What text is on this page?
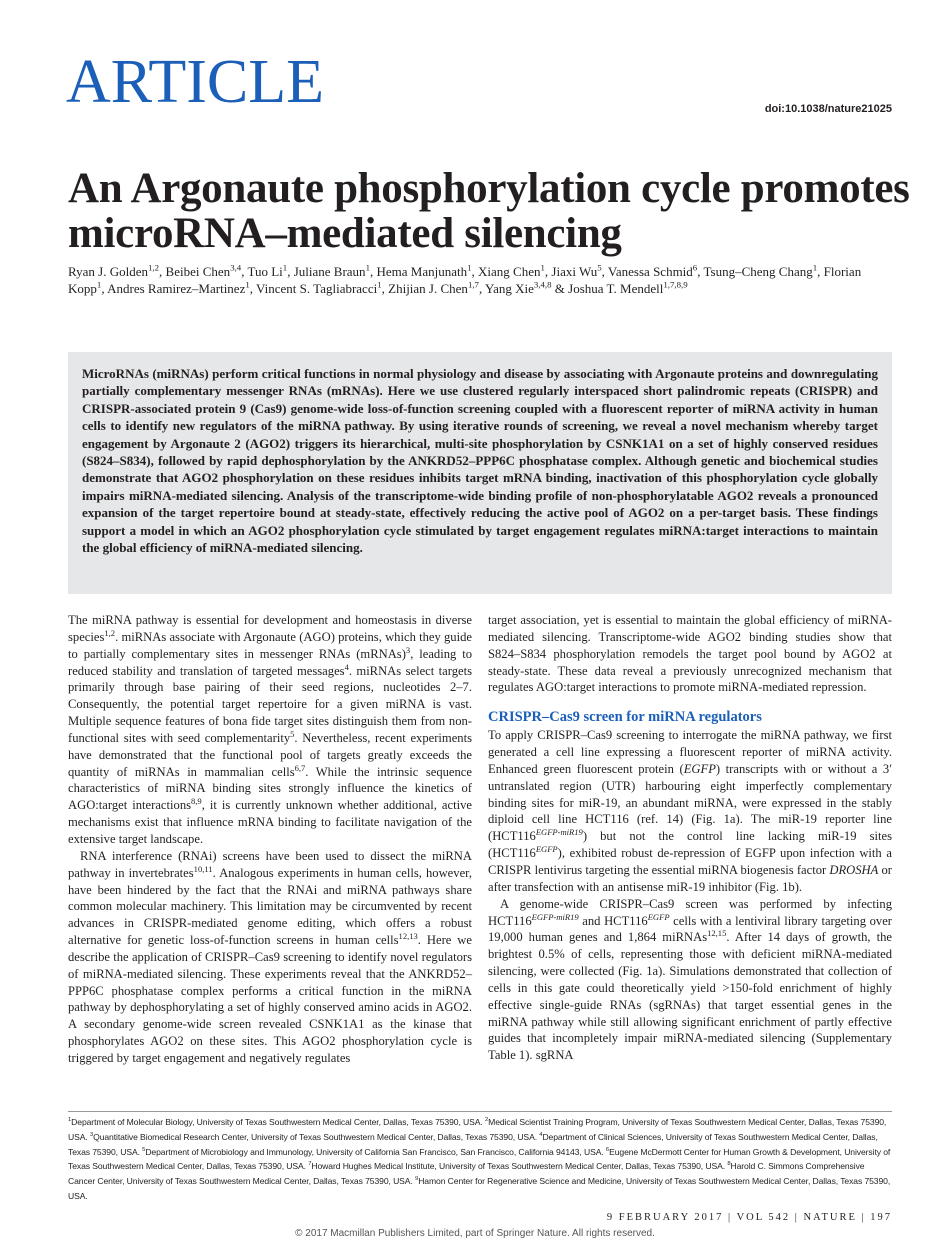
ARTICLE	doi:10.1038/nature21025
An Argonaute phosphorylation cycle promotes microRNA–mediated silencing
Ryan J. Golden$^{1,2}$, Beibei Chen$^{3,4}$, Tuo Li$^1$, Juliane Braun$^1$, Hema Manjunath$^1$, Xiang Chen$^1$, Jiaxi Wu$^5$, Vanessa Schmid$^6$, Tsung–Cheng Chang$^1$, Florian Kopp$^1$, Andres Ramirez–Martinez$^1$, Vincent S. Tagliabracci$^1$, Zhijian J. Chen$^{1,7}$, Yang Xie$^{3,4,8}$ & Joshua T. Mendell$^{1,7,8,9}$
MicroRNAs (miRNAs) perform critical functions in normal physiology and disease by associating with Argonaute proteins and downregulating partially complementary messenger RNAs (mRNAs). Here we use clustered regularly interspaced short palindromic repeats (CRISPR) and CRISPR-associated protein 9 (Cas9) genome-wide loss-of-function screening coupled with a fluorescent reporter of miRNA activity in human cells to identify new regulators of the miRNA pathway. By using iterative rounds of screening, we reveal a novel mechanism whereby target engagement by Argonaute 2 (AGO2) triggers its hierarchical, multi-site phosphorylation by CSNK1A1 on a set of highly conserved residues (S824–S834), followed by rapid dephosphorylation by the ANKRD52–PPP6C phosphatase complex. Although genetic and biochemical studies demonstrate that AGO2 phosphorylation on these residues inhibits target mRNA binding, inactivation of this phosphorylation cycle globally impairs miRNA-mediated silencing. Analysis of the transcriptome-wide binding profile of non-phosphorylatable AGO2 reveals a pronounced expansion of the target repertoire bound at steady-state, effectively reducing the active pool of AGO2 on a per-target basis. These findings support a model in which an AGO2 phosphorylation cycle stimulated by target engagement regulates miRNA:target interactions to maintain the global efficiency of miRNA-mediated silencing.

The miRNA pathway is essential for development and homeostasis in diverse species$^{1,2}$. miRNAs associate with Argonaute (AGO) proteins, which they guide to partially complementary sites in messenger RNAs (mRNAs)$^3$, leading to reduced stability and translation of targeted messages$^4$. miRNAs select targets primarily through base pairing of their seed regions, nucleotides 2–7. Consequently, the potential target repertoire for a given miRNA is vast. Multiple sequence features of bona fide target sites distinguish them from non-functional sites with seed complementarity$^5$. Nevertheless, recent experiments have demonstrated that the functional pool of targets greatly exceeds the quantity of miRNAs in mammalian cells$^{6,7}$. While the intrinsic sequence characteristics of miRNA binding sites strongly influence the kinetics of AGO:target interactions$^{8,9}$, it is currently unknown whether additional, active mechanisms exist that influence mRNA binding to facilitate navigation of the extensive target landscape.

RNA interference (RNAi) screens have been used to dissect the miRNA pathway in invertebrates$^{10,11}$. Analogous experiments in human cells, however, have been hindered by the fact that the RNAi and miRNA pathways share common molecular machinery. This limitation may be circumvented by recent advances in CRISPR-mediated genome editing, which offers a robust alternative for genetic loss-of-function screens in human cells$^{12,13}$. Here we describe the application of CRISPR–Cas9 screening to identify novel regulators of miRNA-mediated silencing. These experiments reveal that the ANKRD52–PPP6C phosphatase complex performs a critical function in the miRNA pathway by dephosphorylating a set of highly conserved amino acids in AGO2. A secondary genome-wide screen revealed CSNK1A1 as the kinase that phosphorylates AGO2 on these sites. This AGO2 phosphorylation cycle is triggered by target engagement and negatively regulates

target association, yet is essential to maintain the global efficiency of miRNA-mediated silencing. Transcriptome-wide AGO2 binding studies show that S824–S834 phosphorylation remodels the target pool bound by AGO2 at steady-state. These data reveal a previously unrecognized mechanism that regulates AGO:target interactions to promote miRNA-mediated repression.

CRISPR–Cas9 screen for miRNA regulators

To apply CRISPR–Cas9 screening to interrogate the miRNA pathway, we first generated a cell line expressing a fluorescent reporter of miRNA activity. Enhanced green fluorescent protein (EGFP) transcripts with or without a 3′ untranslated region (UTR) harbouring eight imperfectly complementary binding sites for miR-19, an abundant miRNA, were expressed in the stably diploid cell line HCT116 (ref. 14) (Fig. 1a). The miR-19 reporter line $(HCT116^{EGFP-miR19})$ but not the control line lacking miR-19 sites $(HCT116^{EGFP})$, exhibited robust de-repression of EGFP upon infection with a CRISPR lentivirus targeting the essential miRNA biogenesis factor DROSHA or after transfection with an antisense miR-19 inhibitor (Fig. 1b).

A genome-wide CRISPR–Cas9 screen was performed by infecting $HCT116^{EGFP-miR19}$ and $HCT116^{EGFP}$ cells with a lentiviral library targeting over 19,000 human genes and 1,864 miRNAs$^{12,15}$. After 14 days of growth, the brightest 0.5% of cells, representing those with deficient miRNA-mediated silencing, were collected (Fig. 1a). Simulations demonstrated that collection of cells in this gate could theoretically yield >150-fold enrichment of highly effective single-guide RNAs (sgRNAs) that target essential genes in the miRNA pathway while still allowing significant enrichment of partly effective guides that incompletely impair miRNA-mediated silencing (Supplementary Table 1). sgRNA

$^1$Department of Molecular Biology, University of Texas Southwestern Medical Center, Dallas, Texas 75390, USA. $^2$Medical Scientist Training Program, University of Texas Southwestern Medical Center, Dallas, Texas 75390, USA. $^3$Quantitative Biomedical Research Center, University of Texas Southwestern Medical Center, Dallas, Texas 75390, USA. $^4$Department of Clinical Sciences, University of Texas Southwestern Medical Center, Dallas, Texas 75390, USA. $^5$Department of Microbiology and Immunology, University of California San Francisco, San Francisco, California 94143, USA. $^6$Eugene McDermott Center for Human Growth & Development, University of Texas Southwestern Medical Center, Dallas, Texas 75390, USA. $^7$Howard Hughes Medical Institute, University of Texas Southwestern Medical Center, Dallas, Texas 75390, USA. $^8$Harold C. Simmons Comprehensive Cancer Center, University of Texas Southwestern Medical Center, Dallas, Texas 75390, USA. $^9$Hamon Center for Regenerative Science and Medicine, University of Texas Southwestern Medical Center, Dallas, Texas 75390, USA.
9 FEBRUARY 2017 | VOL 542 | NATURE | 197
© 2017 Macmillan Publishers Limited, part of Springer Nature. All rights reserved.
